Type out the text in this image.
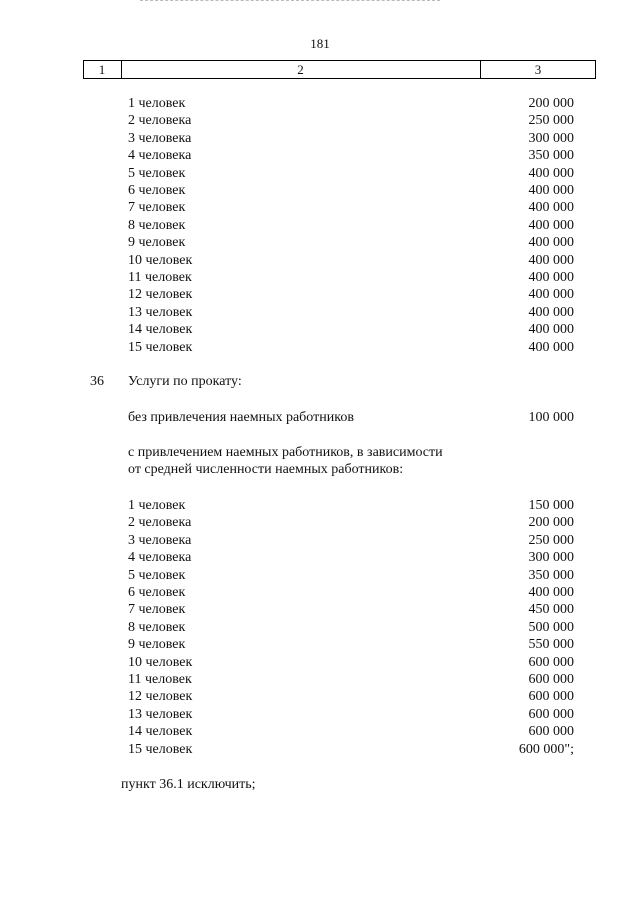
181
1	2	3
1 человек	200 000
2 человека	250 000
3 человека	300 000
4 человека	350 000
5 человек	400 000
6 человек	400 000
7 человек	400 000
8 человек	400 000
9 человек	400 000
10 человек	400 000
11 человек	400 000
12 человек	400 000
13 человек	400 000
14 человек	400 000
15 человек	400 000
36 Услуги по прокату:
без привлечения наемных работников	100 000
с привлечением наемных работников, в зависимости
от средней численности наемных работников:
1 человек	150 000
2 человека	200 000
3 человека	250 000
4 человека	300 000
5 человек	350 000
6 человек	400 000
7 человек	450 000
8 человек	500 000
9 человек	550 000
10 человек	600 000
11 человек	600 000
12 человек	600 000
13 человек	600 000
14 человек	600 000
15 человек	600 000";
пункт 36.1 исключить;
